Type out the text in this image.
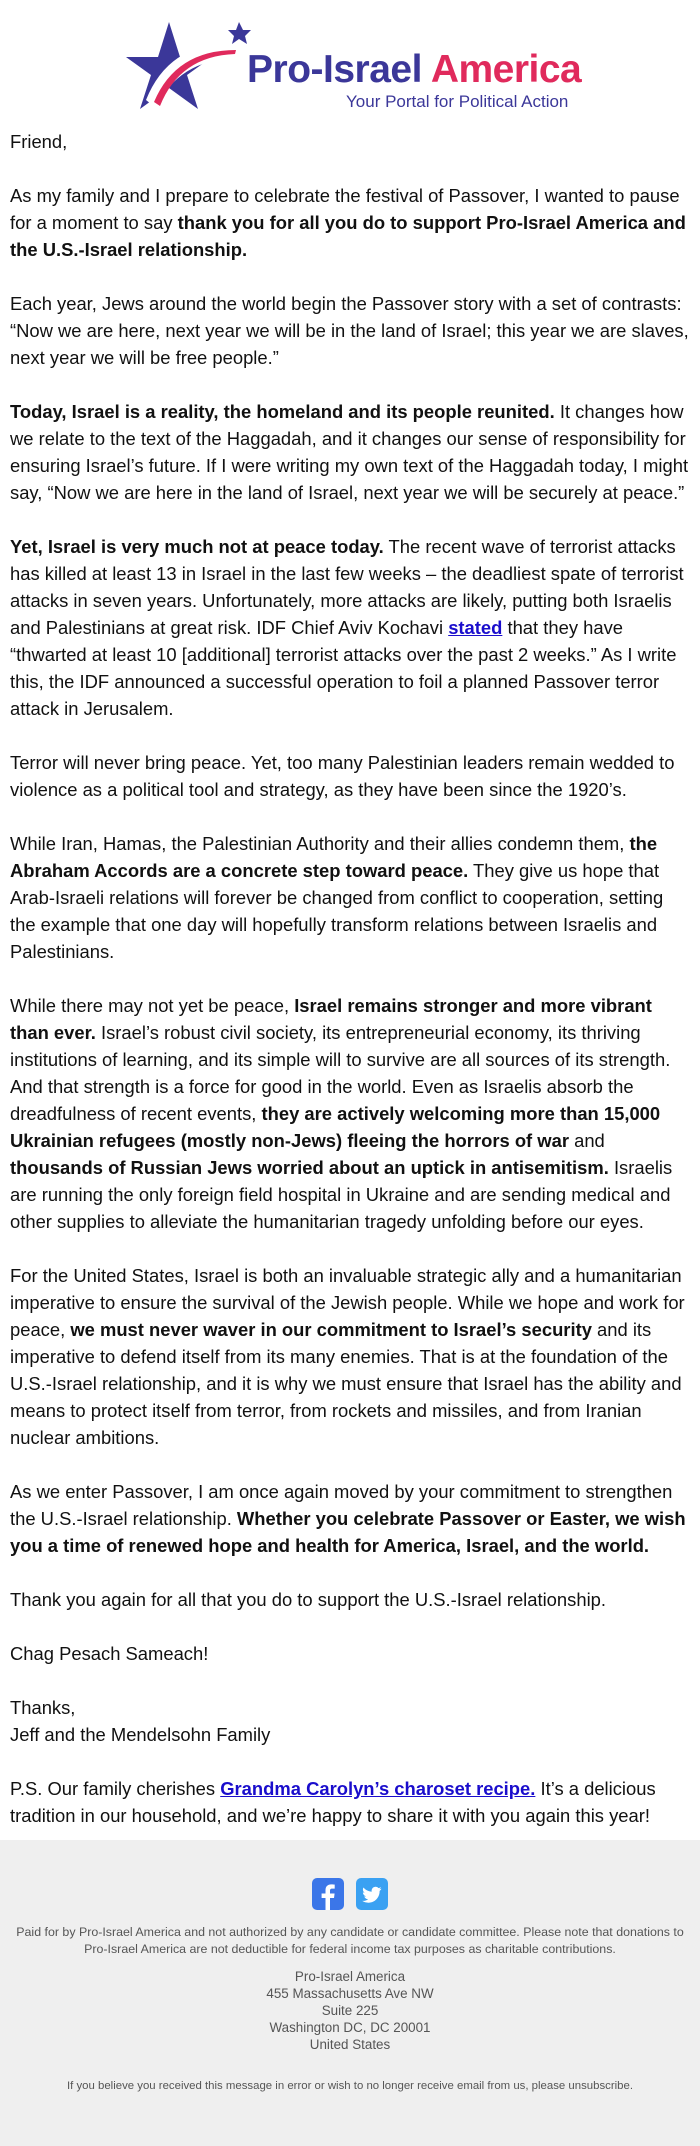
Pro-Israel America
Your Portal for Political Action

Friend,

As my family and I prepare to celebrate the festival of Passover, I wanted to pause for a moment to say thank you for all you do to support Pro-Israel America and the U.S.-Israel relationship.

Each year, Jews around the world begin the Passover story with a set of contrasts: “Now we are here, next year we will be in the land of Israel; this year we are slaves, next year we will be free people.”

Today, Israel is a reality, the homeland and its people reunited. It changes how we relate to the text of the Haggadah, and it changes our sense of responsibility for ensuring Israel’s future. If I were writing my own text of the Haggadah today, I might say, “Now we are here in the land of Israel, next year we will be securely at peace.”

Yet, Israel is very much not at peace today. The recent wave of terrorist attacks has killed at least 13 in Israel in the last few weeks – the deadliest spate of terrorist attacks in seven years. Unfortunately, more attacks are likely, putting both Israelis and Palestinians at great risk. IDF Chief Aviv Kochavi stated that they have “thwarted at least 10 [additional] terrorist attacks over the past 2 weeks.” As I write this, the IDF announced a successful operation to foil a planned Passover terror attack in Jerusalem.

Terror will never bring peace. Yet, too many Palestinian leaders remain wedded to violence as a political tool and strategy, as they have been since the 1920’s.

While Iran, Hamas, the Palestinian Authority and their allies condemn them, the Abraham Accords are a concrete step toward peace. They give us hope that Arab-Israeli relations will forever be changed from conflict to cooperation, setting the example that one day will hopefully transform relations between Israelis and Palestinians.

While there may not yet be peace, Israel remains stronger and more vibrant than ever. Israel’s robust civil society, its entrepreneurial economy, its thriving institutions of learning, and its simple will to survive are all sources of its strength. And that strength is a force for good in the world. Even as Israelis absorb the dreadfulness of recent events, they are actively welcoming more than 15,000 Ukrainian refugees (mostly non-Jews) fleeing the horrors of war and thousands of Russian Jews worried about an uptick in antisemitism. Israelis are running the only foreign field hospital in Ukraine and are sending medical and other supplies to alleviate the humanitarian tragedy unfolding before our eyes.

For the United States, Israel is both an invaluable strategic ally and a humanitarian imperative to ensure the survival of the Jewish people. While we hope and work for peace, we must never waver in our commitment to Israel’s security and its imperative to defend itself from its many enemies. That is at the foundation of the U.S.-Israel relationship, and it is why we must ensure that Israel has the ability and means to protect itself from terror, from rockets and missiles, and from Iranian nuclear ambitions.

As we enter Passover, I am once again moved by your commitment to strengthen the U.S.-Israel relationship. Whether you celebrate Passover or Easter, we wish you a time of renewed hope and health for America, Israel, and the world.

Thank you again for all that you do to support the U.S.-Israel relationship.

Chag Pesach Sameach!

Thanks,
Jeff and the Mendelsohn Family

P.S. Our family cherishes Grandma Carolyn’s charoset recipe. It’s a delicious tradition in our household, and we’re happy to share it with you again this year!

Paid for by Pro-Israel America and not authorized by any candidate or candidate committee. Please note that donations to Pro-Israel America are not deductible for federal income tax purposes as charitable contributions.
Pro-Israel America
455 Massachusetts Ave NW
Suite 225
Washington DC, DC 20001
United States
If you believe you received this message in error or wish to no longer receive email from us, please unsubscribe.
